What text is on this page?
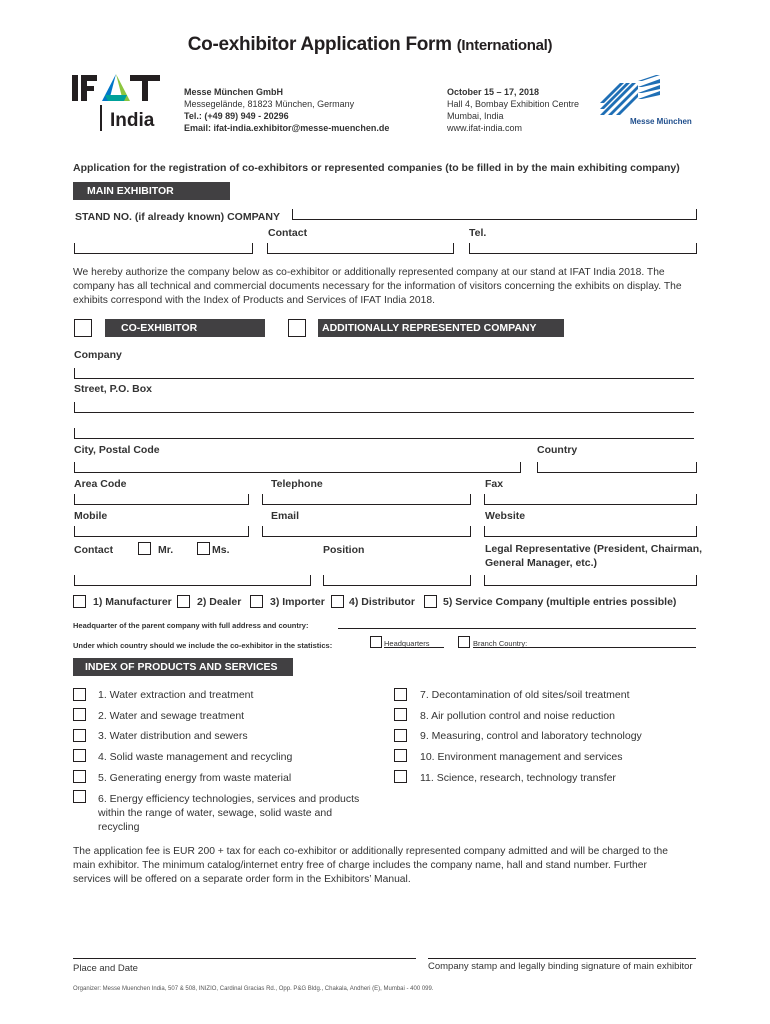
Co-exhibitor Application Form (International)
India
Messe München GmbH
Messegelände, 81823 München, Germany
Tel.: (+49 89) 949 - 20296
Email: ifat-india.exhibitor@messe-muenchen.de
October 15 – 17, 2018
Hall 4, Bombay Exhibition Centre
Mumbai, India
www.ifat-india.com
Messe München
Application for the registration of co-exhibitors or represented companies (to be filled in by the main exhibiting company)
MAIN EXHIBITOR
STAND NO. (if already known) COMPANY
Contact	Tel.
We hereby authorize the company below as co-exhibitor or additionally represented company at our stand at IFAT India 2018. The
company has all technical and commercial documents necessary for the information of visitors concerning the exhibits on display. The
exhibits correspond with the Index of Products and Services of IFAT India 2018.
CO-EXHIBITOR	ADDITIONALLY REPRESENTED COMPANY
Company
Street, P.O. Box
City, Postal Code	Country
Area Code	Telephone	Fax
Mobile	Email	Website
Contact	Mr.	Ms.	Position	Legal Representative (President, Chairman,
General Manager, etc.)
1) Manufacturer 2) Dealer	3) Importer 4) Distributor	5) Service Company (multiple entries possible)
Headquarter of the parent company with full address and country:
Under which country should we include the co-exhibitor in the statistics:	Headquarters	Branch Country:
INDEX OF PRODUCTS AND SERVICES
1. Water extraction and treatment
2. Water and sewage treatment
3. Water distribution and sewers
4. Solid waste management and recycling
5. Generating energy from waste material
6. Energy efficiency technologies, services and products
within the range of water, sewage, solid waste and
recycling
7. Decontamination of old sites/soil treatment
8. Air pollution control and noise reduction
9. Measuring, control and laboratory technology
10. Environment management and services
11. Science, research, technology transfer
The application fee is EUR 200 + tax for each co-exhibitor or additionally represented company admitted and will be charged to the
main exhibitor. The minimum catalog/internet entry free of charge includes the company name, hall and stand number. Further
services will be offered on a separate order form in the Exhibitors’ Manual.
Place and Date	Company stamp and legally binding signature of main exhibitor
Organizer: Messe Muenchen India, 507 & 508, INIZIO, Cardinal Gracias Rd., Opp. P&G Bldg., Chakala, Andheri (E), Mumbai - 400 099.
